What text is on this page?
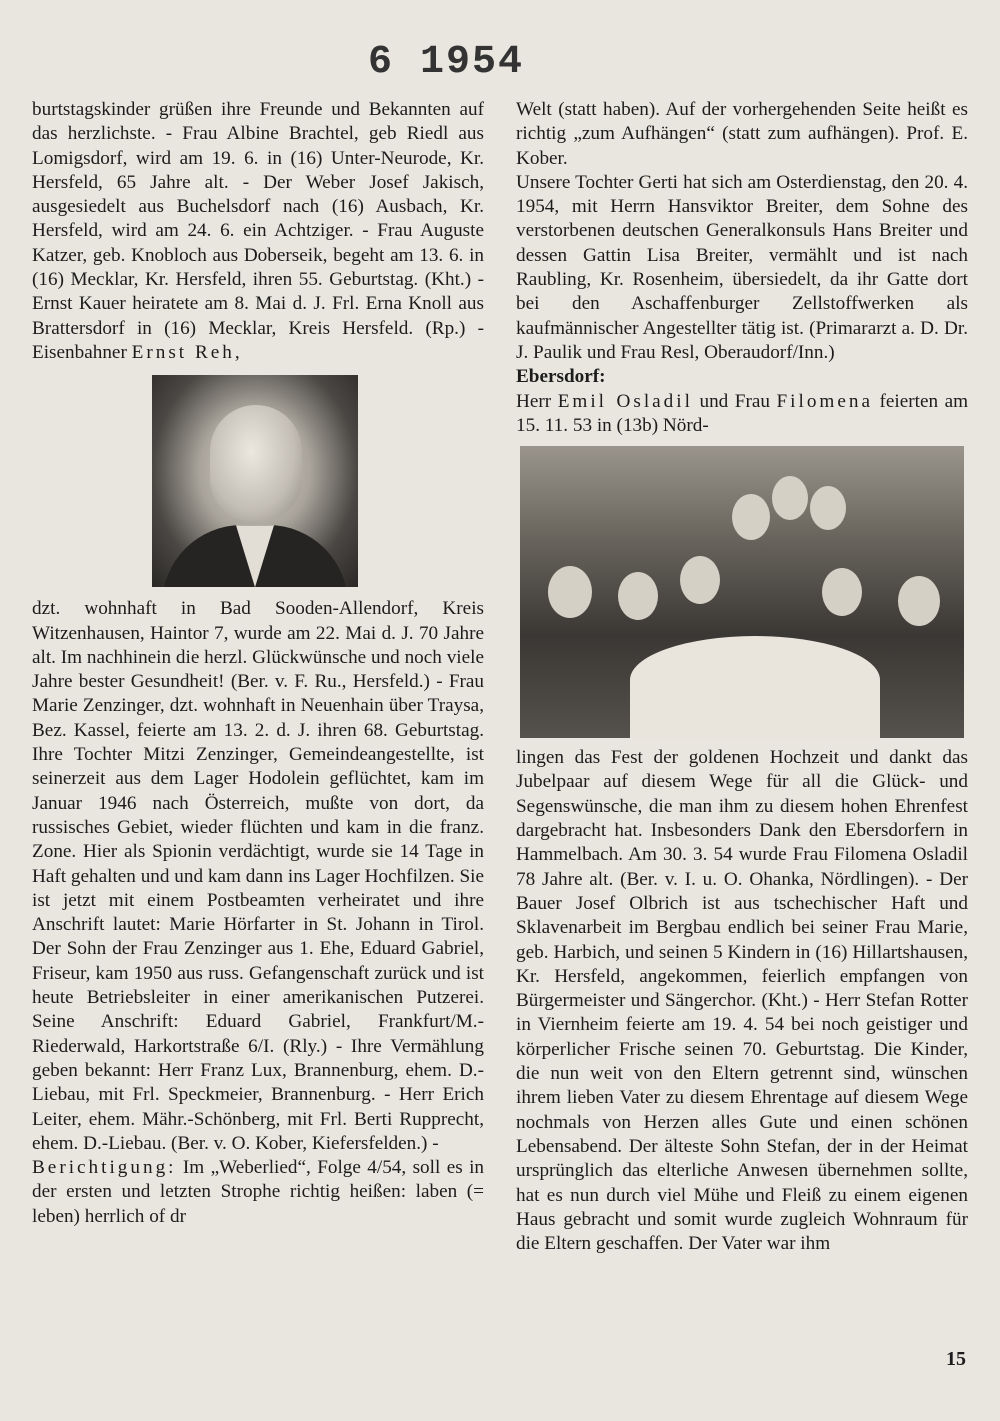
6 1954

burtstagskinder grüßen ihre Freunde und Bekannten auf das herzlichste. - Frau Albine Brachtel, geb Riedl aus Lomigsdorf, wird am 19. 6. in (16) Unter-Neurode, Kr. Hersfeld, 65 Jahre alt. - Der Weber Josef Jakisch, ausgesiedelt aus Buchelsdorf nach (16) Ausbach, Kr. Hersfeld, wird am 24. 6. ein Achtziger. - Frau Auguste Katzer, geb. Knobloch aus Doberseik, begeht am 13. 6. in (16) Mecklar, Kr. Hersfeld, ihren 55. Geburtstag. (Kht.) - Ernst Kauer heiratete am 8. Mai d. J. Frl. Erna Knoll aus Brattersdorf in (16) Mecklar, Kreis Hersfeld. (Rp.) - Eisenbahner Ernst Reh,

dzt. wohnhaft in Bad Sooden-Allendorf, Kreis Witzenhausen, Haintor 7, wurde am 22. Mai d. J. 70 Jahre alt. Im nachhinein die herzl. Glückwünsche und noch viele Jahre bester Gesundheit! (Ber. v. F. Ru., Hersfeld.) - Frau Marie Zenzinger, dzt. wohnhaft in Neuenhain über Traysa, Bez. Kassel, feierte am 13. 2. d. J. ihren 68. Geburtstag. Ihre Tochter Mitzi Zenzinger, Gemeindeangestellte, ist seinerzeit aus dem Lager Hodolein geflüchtet, kam im Januar 1946 nach Österreich, mußte von dort, da russisches Gebiet, wieder flüchten und kam in die franz. Zone. Hier als Spionin verdächtigt, wurde sie 14 Tage in Haft gehalten und und kam dann ins Lager Hochfilzen. Sie ist jetzt mit einem Postbeamten verheiratet und ihre Anschrift lautet: Marie Hörfarter in St. Johann in Tirol. Der Sohn der Frau Zenzinger aus 1. Ehe, Eduard Gabriel, Friseur, kam 1950 aus russ. Gefangenschaft zurück und ist heute Betriebsleiter in einer amerikanischen Putzerei. Seine Anschrift: Eduard Gabriel, Frankfurt/M.-Riederwald, Harkortstraße 6/I. (Rly.) - Ihre Vermählung geben bekannt: Herr Franz Lux, Brannenburg, ehem. D.-Liebau, mit Frl. Speckmeier, Brannenburg. - Herr Erich Leiter, ehem. Mähr.-Schönberg, mit Frl. Berti Rupprecht, ehem. D.-Liebau. (Ber. v. O. Kober, Kiefersfelden.) -

Berichtigung: Im „Weberlied“, Folge 4/54, soll es in der ersten und letzten Strophe richtig heißen: laben (= leben) herrlich of dr

Welt (statt haben). Auf der vorhergehenden Seite heißt es richtig „zum Aufhängen“ (statt zum aufhängen). Prof. E. Kober.

Unsere Tochter Gerti hat sich am Osterdienstag, den 20. 4. 1954, mit Herrn Hansviktor Breiter, dem Sohne des verstorbenen deutschen Generalkonsuls Hans Breiter und dessen Gattin Lisa Breiter, vermählt und ist nach Raubling, Kr. Rosenheim, übersiedelt, da ihr Gatte dort bei den Aschaffenburger Zellstoffwerken als kaufmännischer Angestellter tätig ist. (Primararzt a. D. Dr. J. Paulik und Frau Resl, Oberaudorf/Inn.)

Ebersdorf:

Herr Emil Osladil und Frau Filomena feierten am 15. 11. 53 in (13b) Nörd-

lingen das Fest der goldenen Hochzeit und dankt das Jubelpaar auf diesem Wege für all die Glück- und Segenswünsche, die man ihm zu diesem hohen Ehrenfest dargebracht hat. Insbesonders Dank den Ebersdorfern in Hammelbach. Am 30. 3. 54 wurde Frau Filomena Osladil 78 Jahre alt. (Ber. v. I. u. O. Ohanka, Nördlingen). - Der Bauer Josef Olbrich ist aus tschechischer Haft und Sklavenarbeit im Bergbau endlich bei seiner Frau Marie, geb. Harbich, und seinen 5 Kindern in (16) Hillartshausen, Kr. Hersfeld, angekommen, feierlich empfangen von Bürgermeister und Sängerchor. (Kht.) - Herr Stefan Rotter in Viernheim feierte am 19. 4. 54 bei noch geistiger und körperlicher Frische seinen 70. Geburtstag. Die Kinder, die nun weit von den Eltern getrennt sind, wünschen ihrem lieben Vater zu diesem Ehrentage auf diesem Wege nochmals von Herzen alles Gute und einen schönen Lebensabend. Der älteste Sohn Stefan, der in der Heimat ursprünglich das elterliche Anwesen übernehmen sollte, hat es nun durch viel Mühe und Fleiß zu einem eigenen Haus gebracht und somit wurde zugleich Wohnraum für die Eltern geschaffen. Der Vater war ihm

15
